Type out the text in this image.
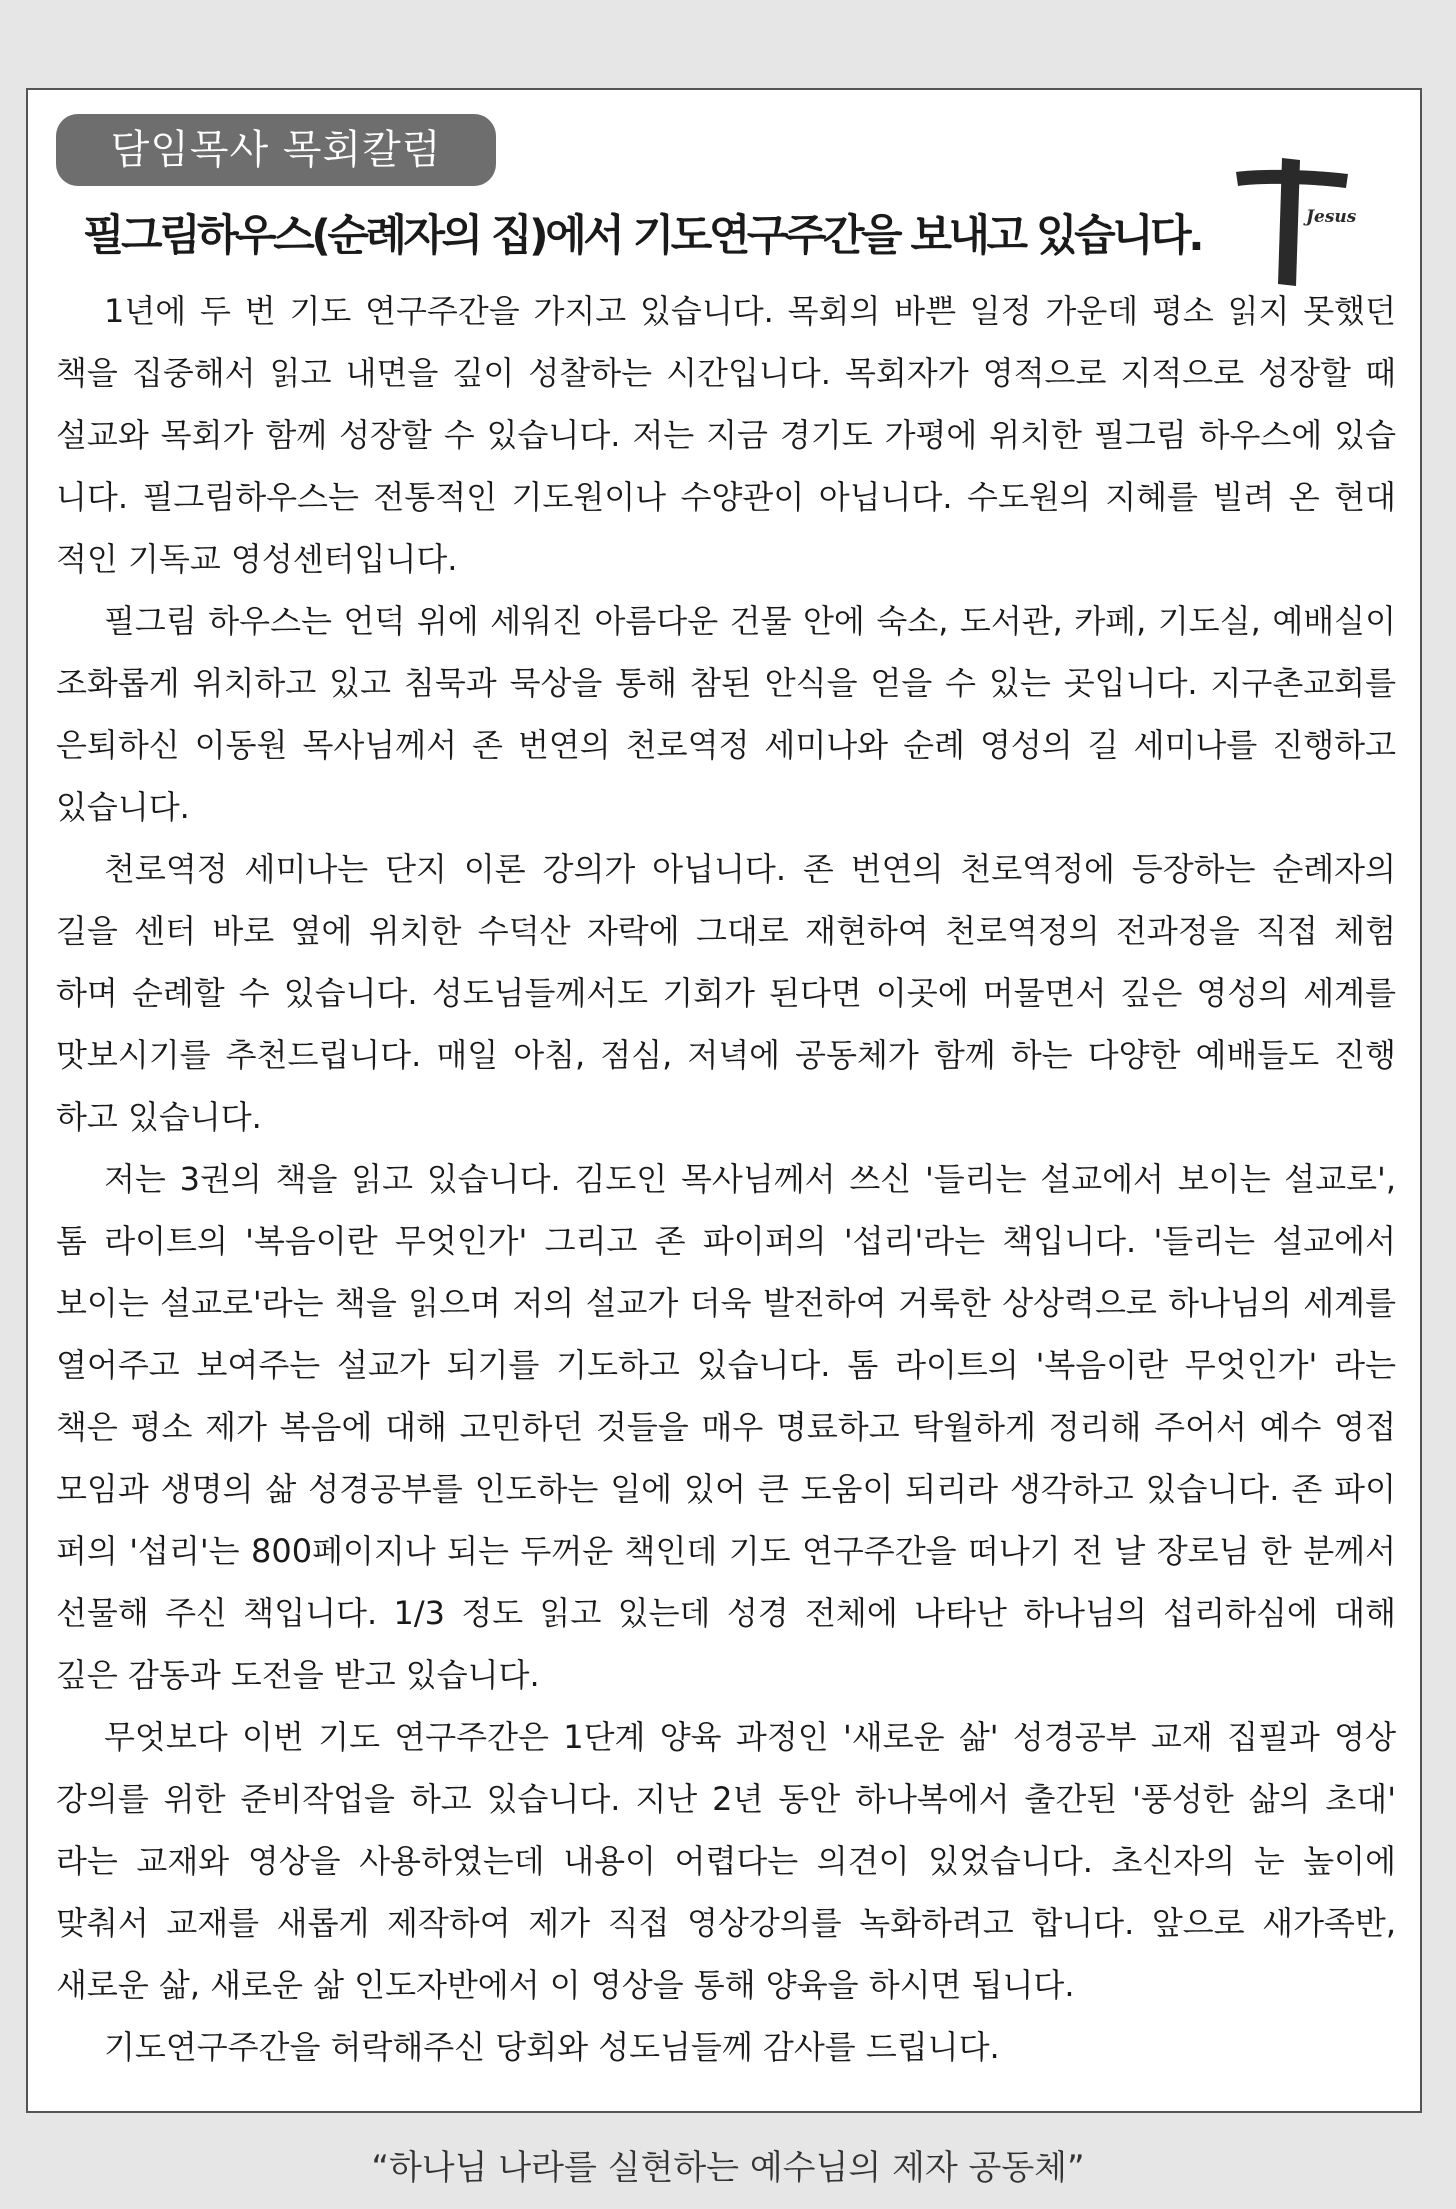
담임목사 목회칼럼
필그림하우스(순례자의 집)에서 기도연구주간을 보내고 있습니다.	Jesus
1년에 두 번 기도 연구주간을 가지고 있습니다. 목회의 바쁜 일정 가운데 평소 읽지 못했던
책을 집중해서 읽고 내면을 깊이 성찰하는 시간입니다. 목회자가 영적으로 지적으로 성장할 때
설교와 목회가 함께 성장할 수 있습니다. 저는 지금 경기도 가평에 위치한 필그림 하우스에 있습
니다. 필그림하우스는 전통적인 기도원이나 수양관이 아닙니다. 수도원의 지혜를 빌려 온 현대
적인 기독교 영성센터입니다.
필그림 하우스는 언덕 위에 세워진 아름다운 건물 안에 숙소, 도서관, 카페, 기도실, 예배실이
조화롭게 위치하고 있고 침묵과 묵상을 통해 참된 안식을 얻을 수 있는 곳입니다. 지구촌교회를
은퇴하신 이동원 목사님께서 존 번연의 천로역정 세미나와 순례 영성의 길 세미나를 진행하고
있습니다.
천로역정 세미나는 단지 이론 강의가 아닙니다. 존 번연의 천로역정에 등장하는 순례자의
길을 센터 바로 옆에 위치한 수덕산 자락에 그대로 재현하여 천로역정의 전과정을 직접 체험
하며 순례할 수 있습니다. 성도님들께서도 기회가 된다면 이곳에 머물면서 깊은 영성의 세계를
맛보시기를 추천드립니다. 매일 아침, 점심, 저녁에 공동체가 함께 하는 다양한 예배들도 진행
하고 있습니다.
저는 3권의 책을 읽고 있습니다. 김도인 목사님께서 쓰신 '들리는 설교에서 보이는 설교로',
톰 라이트의 '복음이란 무엇인가' 그리고 존 파이퍼의 '섭리'라는 책입니다. '들리는 설교에서
보이는 설교로'라는 책을 읽으며 저의 설교가 더욱 발전하여 거룩한 상상력으로 하나님의 세계를
열어주고 보여주는 설교가 되기를 기도하고 있습니다. 톰 라이트의 '복음이란 무엇인가' 라는
책은 평소 제가 복음에 대해 고민하던 것들을 매우 명료하고 탁월하게 정리해 주어서 예수 영접
모임과 생명의 삶 성경공부를 인도하는 일에 있어 큰 도움이 되리라 생각하고 있습니다. 존 파이
퍼의 '섭리'는 800페이지나 되는 두꺼운 책인데 기도 연구주간을 떠나기 전 날 장로님 한 분께서
선물해 주신 책입니다. 1/3 정도 읽고 있는데 성경 전체에 나타난 하나님의 섭리하심에 대해
깊은 감동과 도전을 받고 있습니다.
무엇보다 이번 기도 연구주간은 1단계 양육 과정인 '새로운 삶' 성경공부 교재 집필과 영상
강의를 위한 준비작업을 하고 있습니다. 지난 2년 동안 하나복에서 출간된 '풍성한 삶의 초대'
라는 교재와 영상을 사용하였는데 내용이 어렵다는 의견이 있었습니다. 초신자의 눈 높이에
맞춰서 교재를 새롭게 제작하여 제가 직접 영상강의를 녹화하려고 합니다. 앞으로 새가족반,
새로운 삶, 새로운 삶 인도자반에서 이 영상을 통해 양육을 하시면 됩니다.
기도연구주간을 허락해주신 당회와 성도님들께 감사를 드립니다.
“하나님 나라를 실현하는 예수님의 제자 공동체”
